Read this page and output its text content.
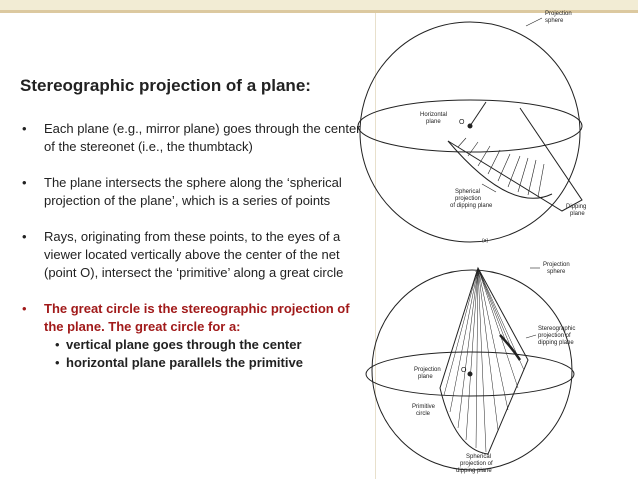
Stereographic projection of a plane:
• Each plane (e.g., mirror plane) goes through the center of the stereonet (i.e., the thumbtack)
• The plane intersects the sphere along the ‘spherical projection of the plane’, which is a series of points
• Rays, originating from these points, to the eyes of a viewer located vertically above the center of the net (point O), intersect the ‘primitive’ along a great circle
• The great circle is the stereographic projection of the plane. The great circle for a:
• vertical plane goes through the center
• horizontal plane parallels the primitive
Projection
sphere
Horizontal
plane	O
Spherical
projection
of dipping plane	Dipping
plane
(a)
Z
Projection
sphere
Stereographic
projection of
dipping plane
Projection
plane
O
Primitive
circle
Spherical
projection of
dipping plane
